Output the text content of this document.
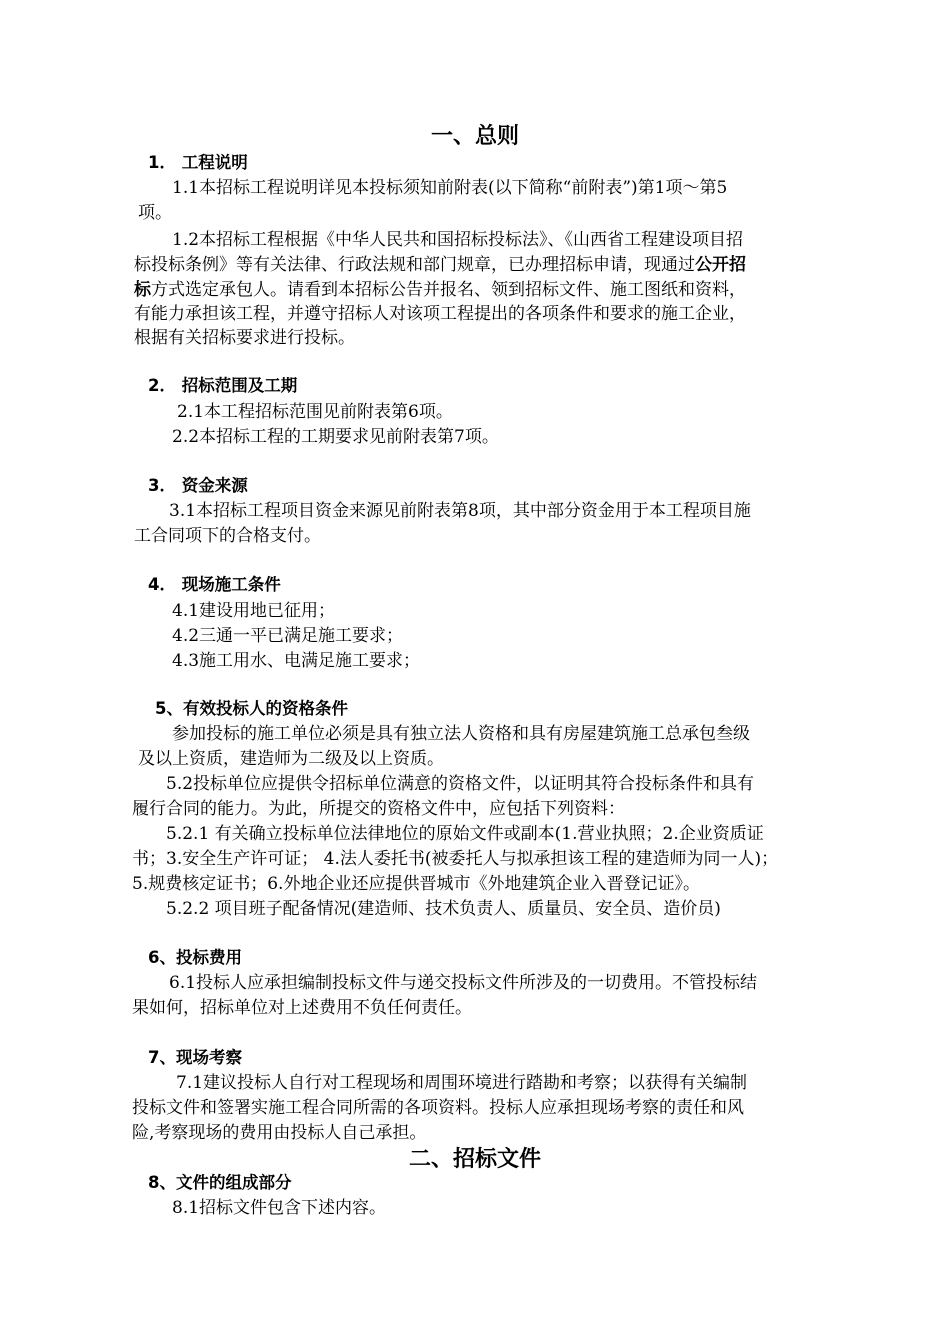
一、总则
1． 工程说明
1.1本招标工程说明详见本投标须知前附表(以下简称“前附表”)第1项～第5
项。
1.2本招标工程根据《中华人民共和国招标投标法》、《山西省工程建设项目招
标投标条例》等有关法律、行政法规和部门规章，已办理招标申请，现通过公开招
标方式选定承包人。请看到本招标公告并报名、领到招标文件、施工图纸和资料，
有能力承担该工程，并遵守招标人对该项工程提出的各项条件和要求的施工企业，
根据有关招标要求进行投标。
2． 招标范围及工期
2.1本工程招标范围见前附表第6项。
2.2本招标工程的工期要求见前附表第7项。
3． 资金来源
3.1本招标工程项目资金来源见前附表第8项，其中部分资金用于本工程项目施
工合同项下的合格支付。
4． 现场施工条件
4.1建设用地已征用；
4.2三通一平已满足施工要求；
4.3施工用水、电满足施工要求；
5、有效投标人的资格条件
参加投标的施工单位必须是具有独立法人资格和具有房屋建筑施工总承包叁级
及以上资质，建造师为二级及以上资质。
5.2投标单位应提供令招标单位满意的资格文件，以证明其符合投标条件和具有
履行合同的能力。为此，所提交的资格文件中，应包括下列资料：
5.2.1 有关确立投标单位法律地位的原始文件或副本(1.营业执照；2.企业资质证
书；3.安全生产许可证； 4.法人委托书(被委托人与拟承担该工程的建造师为同一人)；
5.规费核定证书；6.外地企业还应提供晋城市《外地建筑企业入晋登记证》。
5.2.2 项目班子配备情况(建造师、技术负责人、质量员、安全员、造价员)
6、投标费用
6.1投标人应承担编制投标文件与递交投标文件所涉及的一切费用。不管投标结
果如何，招标单位对上述费用不负任何责任。
7、现场考察
7.1建议投标人自行对工程现场和周围环境进行踏勘和考察；以获得有关编制
投标文件和签署实施工程合同所需的各项资料。投标人应承担现场考察的责任和风
险,考察现场的费用由投标人自己承担。
二、招标文件
8、文件的组成部分
8.1招标文件包含下述内容。
